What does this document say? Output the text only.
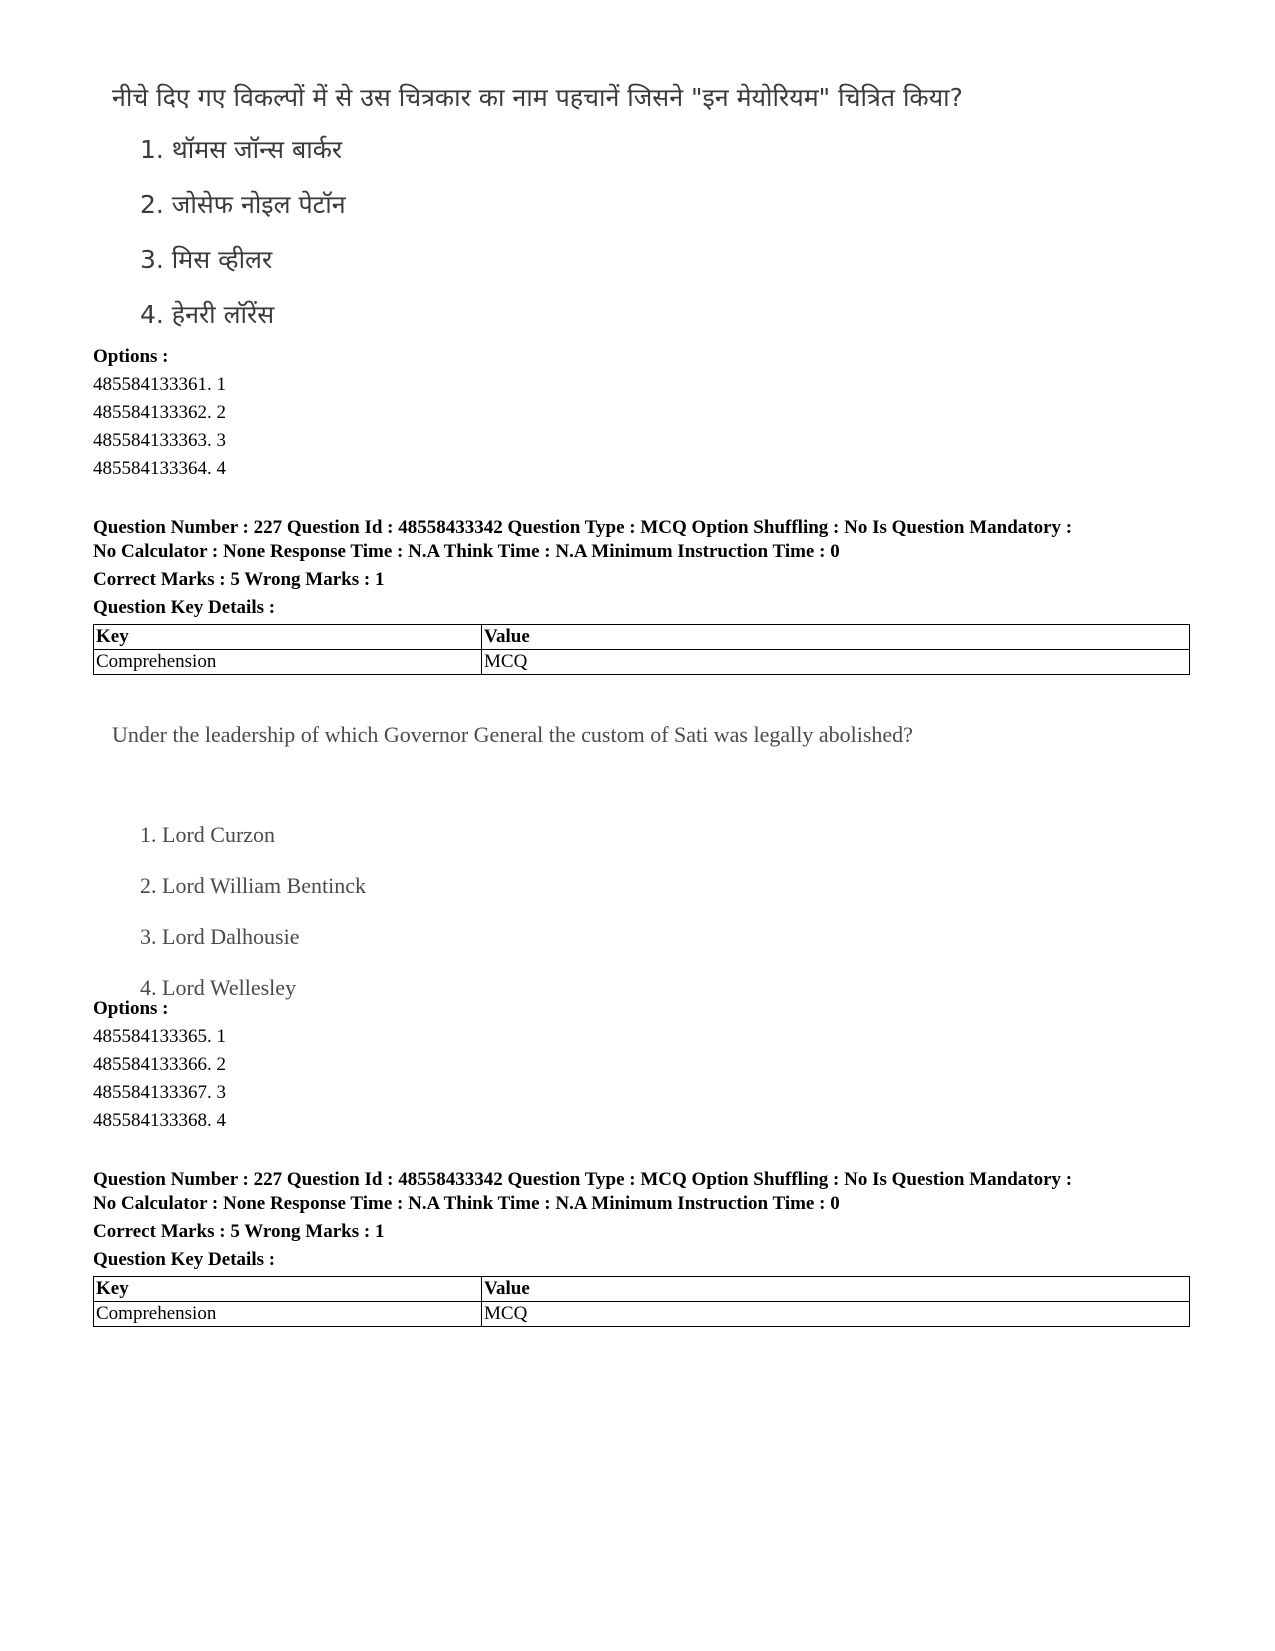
नीचे दिए गए विकल्पों में से उस चित्रकार का नाम पहचानें जिसने "इन मेयोरियम" चित्रित किया?
1. थॉमस जॉन्स बार्कर
2. जोसेफ नोइल पेटॉन
3. मिस व्हीलर
4. हेनरी लॉरेंस
Options :
485584133361. 1
485584133362. 2
485584133363. 3
485584133364. 4
Question Number : 227 Question Id : 48558433342 Question Type : MCQ Option Shuffling : No Is Question Mandatory :
No Calculator : None Response Time : N.A Think Time : N.A Minimum Instruction Time : 0
Correct Marks : 5 Wrong Marks : 1
Question Key Details :
Key	Value
Comprehension	MCQ
Under the leadership of which Governor General the custom of Sati was legally abolished?
1. Lord Curzon
2. Lord William Bentinck
3. Lord Dalhousie
4. Lord Wellesley
Options :
485584133365. 1
485584133366. 2
485584133367. 3
485584133368. 4
Question Number : 227 Question Id : 48558433342 Question Type : MCQ Option Shuffling : No Is Question Mandatory :
No Calculator : None Response Time : N.A Think Time : N.A Minimum Instruction Time : 0
Correct Marks : 5 Wrong Marks : 1
Question Key Details :
Key	Value
Comprehension	MCQ
